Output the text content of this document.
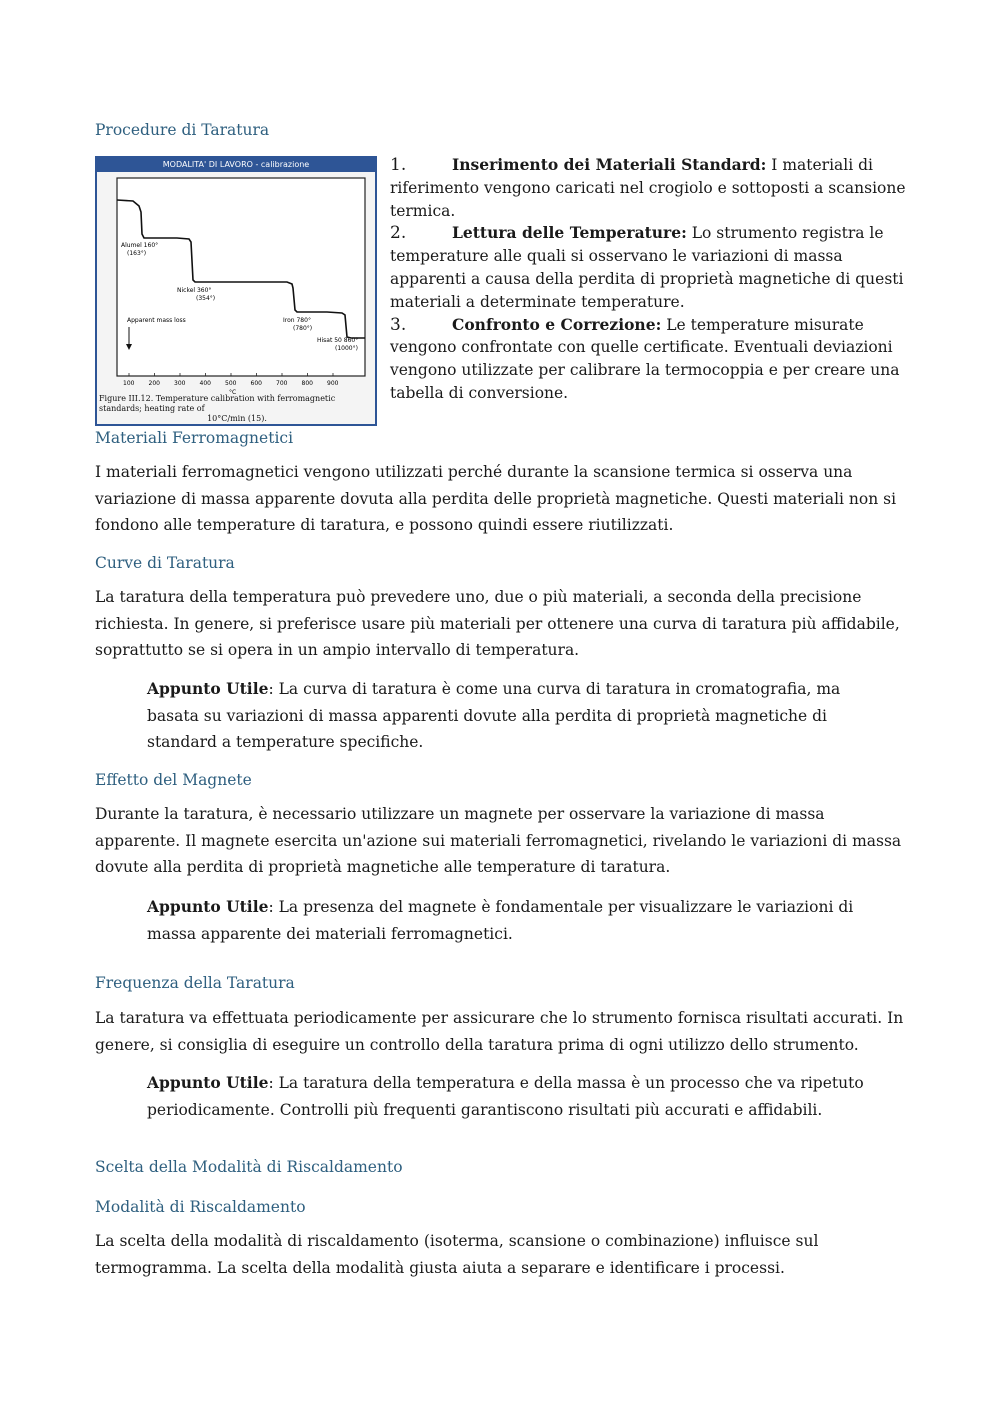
Procedure di Taratura
MODALITA' DI LAVORO - calibrazione
Alumel 160°
(163°)
Nickel 360°
(354°)
Apparent mass loss	Iron 780°
(780°)
Hisat 50 860°
(1000°)
100 200 300 400 500 600 700 800 900
°C
Figure III.12. Temperature calibration with ferromagnetic standards; heating rate of
10°C/min (15).
1.	Inserimento dei Materiali Standard: I materiali di riferimento vengono caricati nel crogiolo e sottoposti a scansione termica.
2.	Lettura delle Temperature: Lo strumento registra le temperature alle quali si osservano le variazioni di massa apparenti a causa della perdita di proprietà magnetiche di questi materiali a determinate temperature.
3.	Confronto e Correzione: Le temperature misurate vengono confrontate con quelle certificate. Eventuali deviazioni vengono utilizzate per calibrare la termocoppia e per creare una tabella di conversione.
Materiali Ferromagnetici

I materiali ferromagnetici vengono utilizzati perché durante la scansione termica si osserva una variazione di massa apparente dovuta alla perdita delle proprietà magnetiche. Questi materiali non si fondono alle temperature di taratura, e possono quindi essere riutilizzati.

Curve di Taratura

La taratura della temperatura può prevedere uno, due o più materiali, a seconda della precisione richiesta. In genere, si preferisce usare più materiali per ottenere una curva di taratura più affidabile, soprattutto se si opera in un ampio intervallo di temperatura.

Appunto Utile: La curva di taratura è come una curva di taratura in cromatografia, ma basata su variazioni di massa apparenti dovute alla perdita di proprietà magnetiche di standard a temperature specifiche.

Effetto del Magnete

Durante la taratura, è necessario utilizzare un magnete per osservare la variazione di massa apparente. Il magnete esercita un'azione sui materiali ferromagnetici, rivelando le variazioni di massa dovute alla perdita di proprietà magnetiche alle temperature di taratura.

Appunto Utile: La presenza del magnete è fondamentale per visualizzare le variazioni di massa apparente dei materiali ferromagnetici.

Frequenza della Taratura

La taratura va effettuata periodicamente per assicurare che lo strumento fornisca risultati accurati. In genere, si consiglia di eseguire un controllo della taratura prima di ogni utilizzo dello strumento.

Appunto Utile: La taratura della temperatura e della massa è un processo che va ripetuto periodicamente. Controlli più frequenti garantiscono risultati più accurati e affidabili.

Scelta della Modalità di Riscaldamento
Modalità di Riscaldamento

La scelta della modalità di riscaldamento (isoterma, scansione o combinazione) influisce sul termogramma. La scelta della modalità giusta aiuta a separare e identificare i processi.
